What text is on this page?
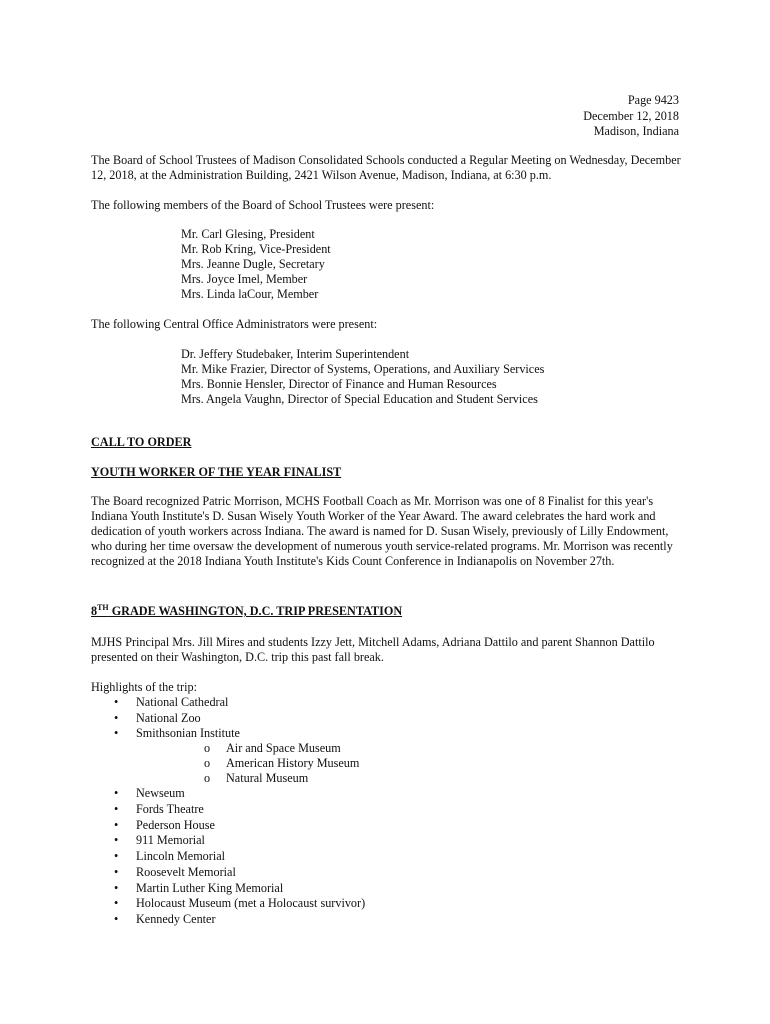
Page 9423
December 12, 2018
Madison, Indiana

The Board of School Trustees of Madison Consolidated Schools conducted a Regular Meeting on Wednesday, December 12, 2018, at the Administration Building, 2421 Wilson Avenue, Madison, Indiana, at 6:30 p.m.

The following members of the Board of School Trustees were present:

Mr. Carl Glesing, President
Mr. Rob Kring, Vice-President
Mrs. Jeanne Dugle, Secretary
Mrs. Joyce Imel, Member
Mrs. Linda laCour, Member

The following Central Office Administrators were present:

Dr. Jeffery Studebaker, Interim Superintendent
Mr. Mike Frazier, Director of Systems, Operations, and Auxiliary Services
Mrs. Bonnie Hensler, Director of Finance and Human Resources
Mrs. Angela Vaughn, Director of Special Education and Student Services

CALL TO ORDER

YOUTH WORKER OF THE YEAR FINALIST

The Board recognized Patric Morrison, MCHS Football Coach as Mr. Morrison was one of 8 Finalist for this year's Indiana Youth Institute's D. Susan Wisely Youth Worker of the Year Award. The award celebrates the hard work and dedication of youth workers across Indiana. The award is named for D. Susan Wisely, previously of Lilly Endowment, who during her time oversaw the development of numerous youth service-related programs. Mr. Morrison was recently recognized at the 2018 Indiana Youth Institute's Kids Count Conference in Indianapolis on November 27th.

8TH GRADE WASHINGTON, D.C. TRIP PRESENTATION

MJHS Principal Mrs. Jill Mires and students Izzy Jett, Mitchell Adams, Adriana Dattilo and parent Shannon Dattilo presented on their Washington, D.C. trip this past fall break.

Highlights of the trip:

• National Cathedral
• National Zoo
• Smithsonian Institute
o Air and Space Museum
o American History Museum
o Natural Museum
• Newseum
• Fords Theatre
• Pederson House
• 911 Memorial
• Lincoln Memorial
• Roosevelt Memorial
• Martin Luther King Memorial
• Holocaust Museum (met a Holocaust survivor)
• Kennedy Center
